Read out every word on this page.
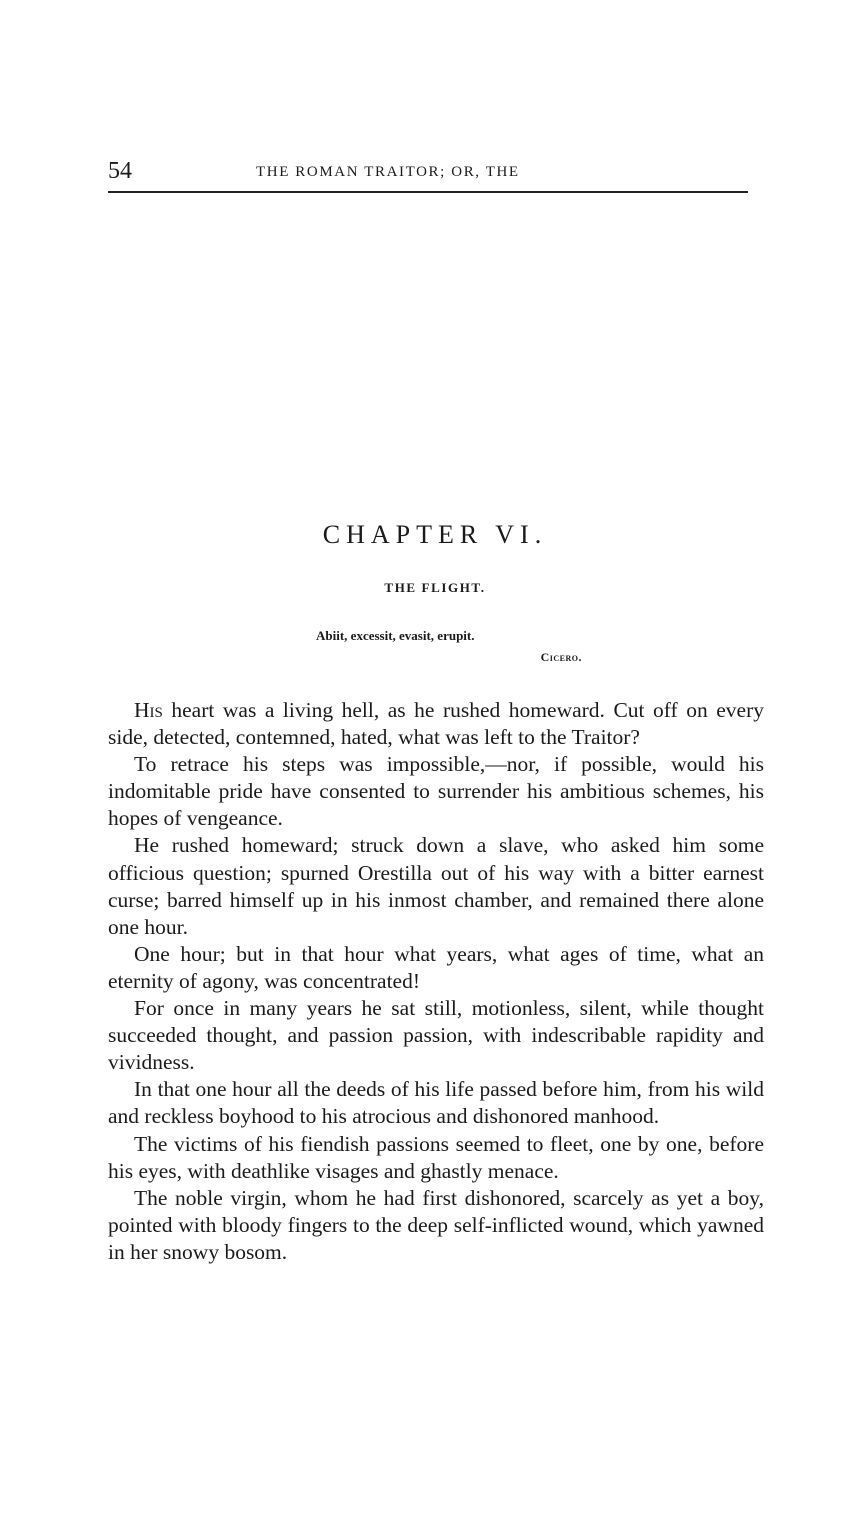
54	THE ROMAN TRAITOR; OR, THE
CHAPTER VI.
THE FLIGHT.
Abiit, excessit, evasit, erupit.
Cicero.

His heart was a living hell, as he rushed homeward. Cut off on every side, detected, contemned, hated, what was left to the Traitor?

To retrace his steps was impossible,—nor, if possible, would his indomitable pride have consented to surrender his ambitious schemes, his hopes of vengeance.

He rushed homeward; struck down a slave, who asked him some officious question; spurned Orestilla out of his way with a bitter earnest curse; barred himself up in his inmost chamber, and remained there alone one hour.

One hour; but in that hour what years, what ages of time, what an eternity of agony, was concentrated!

For once in many years he sat still, motionless, silent, while thought succeeded thought, and passion passion, with indescribable rapidity and vividness.

In that one hour all the deeds of his life passed before him, from his wild and reckless boyhood to his atrocious and dishonored manhood.

The victims of his fiendish passions seemed to fleet, one by one, before his eyes, with deathlike visages and ghastly menace.

The noble virgin, whom he had first dishonored, scarcely as yet a boy, pointed with bloody fingers to the deep self-inflicted wound, which yawned in her snowy bosom.
